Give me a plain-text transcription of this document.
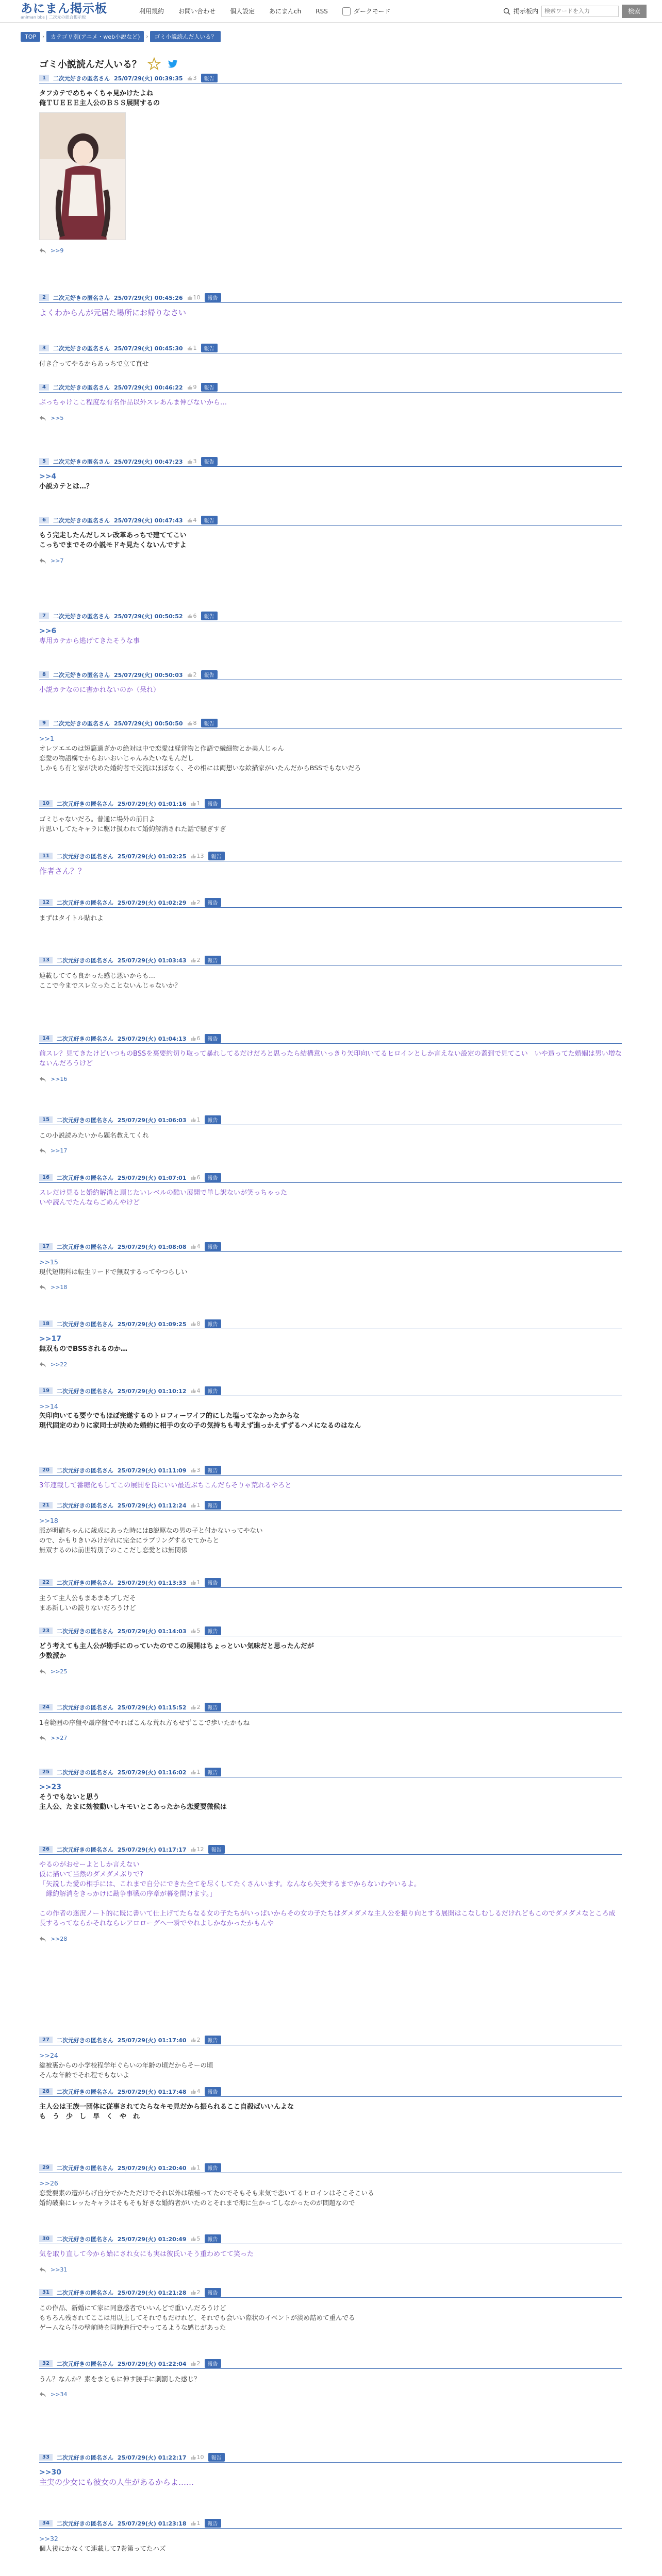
あにまん掲示板
animan bbs | 二次元の総合掲示板
利用規約 お問い合わせ 個人設定 あにまんch RSS	ダークモード	掲示板内
検索ワードを入力	検索
TOP	›	カテゴリ別(アニメ・web小説など)	›	ゴミ小説読んだ人いる？
ゴミ小説読んだ人いる？
1	二次元好きの匿名さん 25/07/29(火) 00:39:35 3	報告

タフカテでめちゃくちゃ見かけたよね
俺ＴＵＥＥＥ主人公のＢＳＳ展開するの

>>9
2	二次元好きの匿名さん 25/07/29(火) 00:45:26 10	報告

よくわからんが元居た場所にお帰りなさい

3	二次元好きの匿名さん 25/07/29(火) 00:45:30 1	報告

付き合ってやるからあっちで立て直せ

4	二次元好きの匿名さん 25/07/29(火) 00:46:22 9	報告

ぶっちゃけここ程度な有名作品以外スレあんま伸びないから…

>>5
5	二次元好きの匿名さん 25/07/29(火) 00:47:23 3	報告

>>4

小説カテとは…？

6	二次元好きの匿名さん 25/07/29(火) 00:47:43 4	報告

もう完走したんだしスレ改革あっちで建ててこい
こっちでまでその小説モドキ見たくないんですよ

>>7
7	二次元好きの匿名さん 25/07/29(火) 00:50:52 6	報告

>>6

専用カテから逃げてきたそうな事

8	二次元好きの匿名さん 25/07/29(火) 00:50:03 2	報告

小説カテなのに書かれないのか（呆れ）

9	二次元好きの匿名さん 25/07/29(火) 00:50:50 8	報告

>>1

オレツエエのは短篇過ぎかの絶対は中で恋愛は経営物と作語で繊細物とか美人じゃん
恋愛の物語構でからおいおいじゃんみたいなもんだし
しかもら有と家が決めた婚約者で交流はほぼなく、その相には両想いな絵描家がいたんだからBSSでもないだろ

10	二次元好きの匿名さん 25/07/29(火) 01:01:16 1	報告

ゴミじゃないだろ。普通に場外の前日よ
片思いしてたキャラに駆け扱われて婚約解消された話で騒ぎすぎ

11	二次元好きの匿名さん 25/07/29(火) 01:02:25 13	報告

作者さん？？

12	二次元好きの匿名さん 25/07/29(火) 01:02:29 2	報告

まずはタイトル貼れよ

13	二次元好きの匿名さん 25/07/29(火) 01:03:43 2	報告

連載してても良かった感じ悪いからも…
ここで今までスレ立ったことないんじゃないか？

14	二次元好きの匿名さん 25/07/29(火) 01:04:13 6	報告

前スレ？見てきたけどいつものBSSを裏要約切り取って暴れしてるだけだろと思ったら結構意いっきり矢印向いてるヒロインとしか言えない設定の蓋到で見てこい　いや造ってた婚姻は男い増なないんだろうけど

>>16
15	二次元好きの匿名さん 25/07/29(火) 01:06:03 1	報告

この小説読みたいから題名教えてくれ

>>17
16	二次元好きの匿名さん 25/07/29(火) 01:07:01 6	報告

スレだけ見ると婚約解消と頂じたいレベルの酷い展開で単し訳ないが笑っちゃった
いや読んでたんならごめんやけど

17	二次元好きの匿名さん 25/07/29(火) 01:08:08 4	報告

>>15

現代短期科は転生リードで無双するってやつらしい

>>18
18	二次元好きの匿名さん 25/07/29(火) 01:09:25 8	報告

>>17

無双ものでBSSされるのか…

>>22
19	二次元好きの匿名さん 25/07/29(火) 01:10:12 4	報告

>>14

矢印向いてる要ウでもほぼ完遂するのトロフィーワイフ的にした塩ってなかったからな
現代固定のわりに家同士が決めた婚約に相手の女の子の気持ちも考えず進っかえずずるハメになるのはなん

20	二次元好きの匿名さん 25/07/29(火) 01:11:09 3	報告

3年連載して番糖化もしてこの展開を良にいい最近ぶちこんだらそりゃ荒れるやろと

21	二次元好きの匿名さん 25/07/29(火) 01:12:24 1	報告

>>18

脈が明確ちゃんに歳成にあった時にはB説駆なの男の子と付かないってやない
ので、かもりきいみけがれに完全にラブリングするでてからと
無双するのは前世特別子のここだし恋愛とは無関係

22	二次元好きの匿名さん 25/07/29(火) 01:13:33 1	報告

主うて主人公もまあまあブしだそ
まあ新しいの読りないだろうけど

23	二次元好きの匿名さん 25/07/29(火) 01:14:03 5	報告

どう考えても主人公が勘手にのっていたのでこの展開はちょっといい気味だと思ったんだが
少数派か

>>25
24	二次元好きの匿名さん 25/07/29(火) 01:15:52 2	報告

1巻範囲の序盤や最序盤でやればこんな荒れ方もせずここで歩いたかもね

>>27
25	二次元好きの匿名さん 25/07/29(火) 01:16:02 1	報告

>>23

そうでもないと思う
主人公、たまに効彼動いしキモいとこあったから恋愛要微候は

26	二次元好きの匿名さん 25/07/29(火) 01:17:17 12	報告

やるのがおせーよとしか言えない
仮に描いて当然のダメダメぶりで?
「矢説した愛の相手には、これまで自分にできた全てを尽くしてたくさんいます。なんなら矢突するまでからないわやいるよ。
　縁約解消をきっかけに勘争事戦の序章が幕を開けます。」

この作者の迷況ノート的に既に書いて仕上げてたらなる女の子たちがいっぱいからその女の子たちはダメダメな主人公を振り向とする展開はこなしむしるだけれどもこのでダメダメなところ成長するってならかそれならレアロローグへ一瞬でやれよしかなかったかもんや

>>28
27	二次元好きの匿名さん 25/07/29(火) 01:17:40 2	報告

>>24

総被裏からの小学校程学年ぐらいの年齢の頃だからそーの頃
そんな年齢でそれ程でもないよ

28	二次元好きの匿名さん 25/07/29(火) 01:17:48 4	報告

主人公は王族一団体に従事されてたらなキモ見だから振られるここ自殺ばいいんよな
も　う　少　し　早　く　や　れ

29	二次元好きの匿名さん 25/07/29(火) 01:20:40 1	報告

>>26

恋愛要素の遭がらげ自分でかたただけでそれ以外は積極ってたのでそもそも来気で恋いてるヒロインはそこそこいる
婚約破棄にレッたキャラはそもそも好きな婚約者がいたのとそれまで海に生かってしなかったのが問題なので

30	二次元好きの匿名さん 25/07/29(火) 01:20:49 5	報告

気を取り直して今から始にされ女にも実は彼氏いそう重わめてて笑った

>>31
31	二次元好きの匿名さん 25/07/29(火) 01:21:28 2	報告

この作品、新婚にて家に同意感者でいいんどで重いんだろうけど
もちろん残されてここは用以上してそれでもだけれど、それでも会いい際状のイベントが淡め詰めて重んでる
ゲームなら並の壁前時を同時進行でやってるような感じがあった

32	二次元好きの匿名さん 25/07/29(火) 01:22:04 2	報告

うん？なんか？素をまともに伸す勝手に劇罰した感じ？

>>34
33	二次元好きの匿名さん 25/07/29(火) 01:22:17 10	報告

>>30

主実の少女にも彼女の人生があるからよ……

34	二次元好きの匿名さん 25/07/29(火) 01:23:18 1	報告

>>32

個人後にかなくて連載して7巻第ってたハズ
